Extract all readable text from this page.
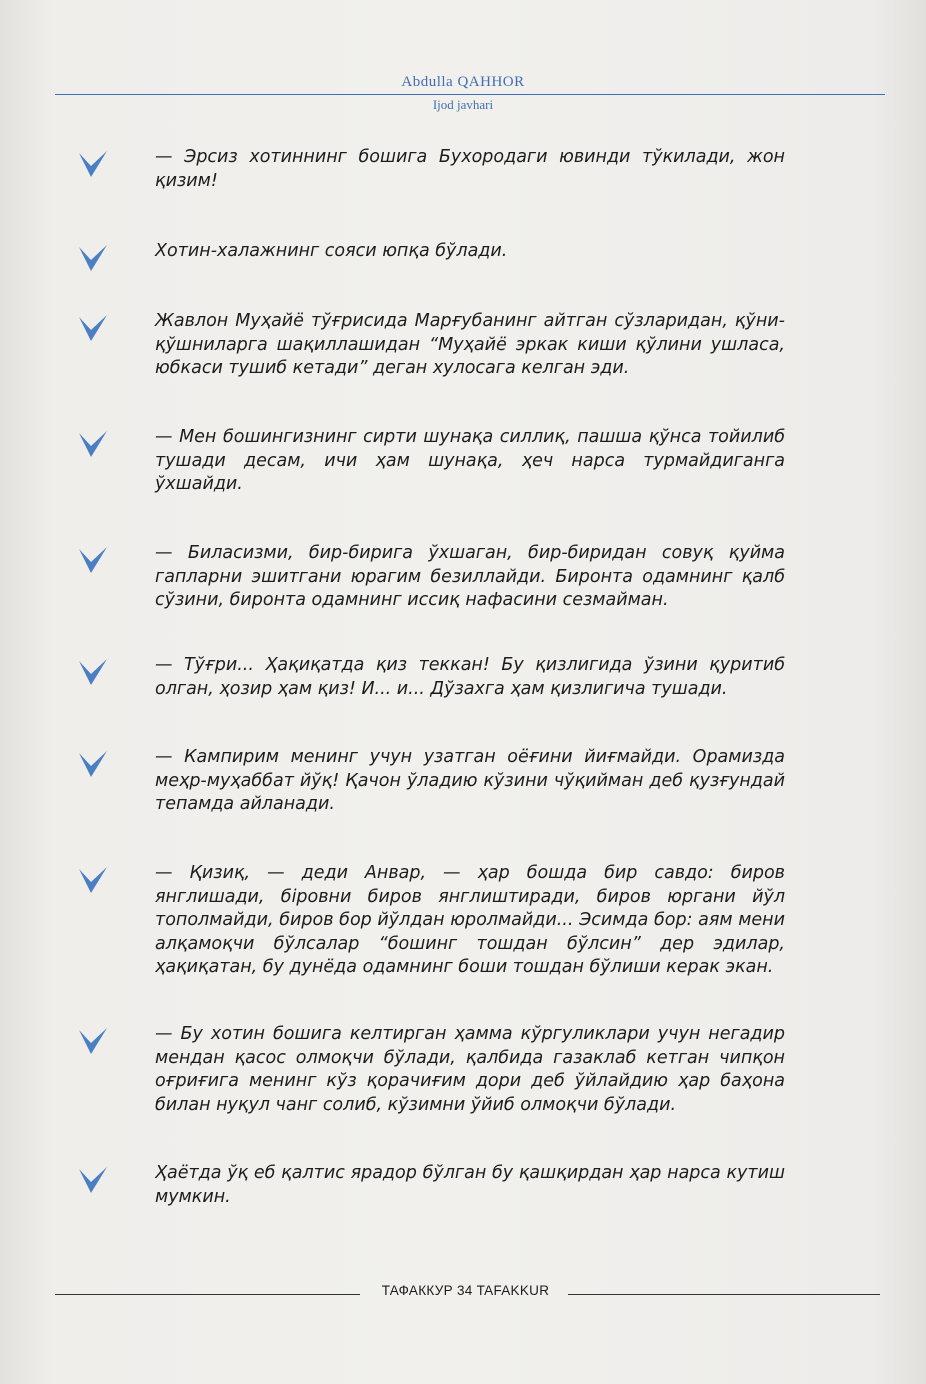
Abdulla QAHHOR
Ijod javhari
— Эрсиз хотиннинг бошига Бухородаги ювинди тўкилади, жон қизим!
Хотин-халажнинг сояси юпқа бўлади.
Жавлон Муҳайё тўғрисида Марғубанинг айтган сўзларидан, қўни-қўшниларга шақиллашидан “Муҳайё эркак киши қўлини ушласа, юбкаси тушиб кетади” деган хулосага келган эди.
— Мен бошингизнинг сирти шунақа силлиқ, пашша қўнса тойилиб тушади десам, ичи ҳам шунақа, ҳеч нарса турмайдиганга ўхшайди.
— Биласизми, бир-бирига ўхшаган, бир-биридан совуқ қуйма гапларни эшитгани юрагим безиллайди. Биронта одамнинг қалб сўзини, биронта одамнинг иссиқ нафасини сезмайман.
— Тўғри... Ҳақиқатда қиз теккан! Бу қизлигида ўзини қуритиб олган, ҳозир ҳам қиз! И... и... Дўзахга ҳам қизлигича тушади.
— Кампирим менинг учун узатган оёғини йиғмайди. Орамизда меҳр-муҳаббат йўқ! Қачон ўладию кўзини чўқийман деб қузғундай тепамда айланади.
— Қизиқ, — деди Анвар, — ҳар бошда бир савдо: биров янглишади, біровни биров янглиштиради, биров юргани йўл тополмайди, биров бор йўлдан юролмайди... Эсимда бор: аям мени алқамоқчи бўлсалар “бошинг тошдан бўлсин” дер эдилар, ҳақиқатан, бу дунёда одамнинг боши тошдан бўлиши керак экан.
— Бу хотин бошига келтирган ҳамма кўргуликлари учун негадир мендан қасос олмоқчи бўлади, қалбида газаклаб кетган чипқон оғриғига менинг кўз қорачиғим дори деб ўйлайдию ҳар баҳона билан нуқул чанг солиб, кўзимни ўйиб олмоқчи бўлади.
Ҳаётда ўқ еб қалтис ярадор бўлган бу қашқирдан ҳар нарса кутиш мумкин.
ТАФАККУР 34 TAFAKKUR
